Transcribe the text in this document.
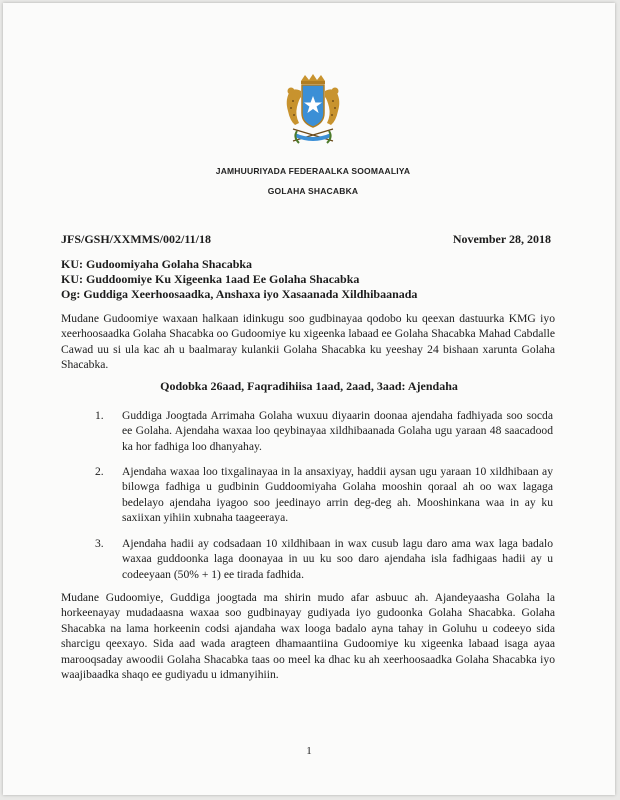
JAMHUURIYADA FEDERAALKA SOOMAALIYA
GOLAHA SHACABKA
JFS/GSH/XXMMS/002/11/18	November 28, 2018
KU: Gudoomiyaha Golaha Shacabka
KU: Guddoomiye Ku Xigeenka 1aad Ee Golaha Shacabka
Og: Guddiga Xeerhoosaadka, Anshaxa iyo Xasaanada Xildhibaanada

Mudane Gudoomiye waxaan halkaan idinkugu soo gudbinayaa qodobo ku qeexan dastuurka KMG iyo xeerhoosaadka Golaha Shacabka oo Gudoomiye ku xigeenka labaad ee Golaha Shacabka Mahad Cabdalle Cawad uu si ula kac ah u baalmaray kulankii Golaha Shacabka ku yeeshay 24 bishaan xarunta Golaha Shacabka.

Qodobka 26aad, Faqradihiisa 1aad, 2aad, 3aad: Ajendaha
1. Guddiga Joogtada Arrimaha Golaha wuxuu diyaarin doonaa ajendaha fadhiyada soo socda ee Golaha. Ajendaha waxaa loo qeybinayaa xildhibaanada Golaha ugu yaraan 48 saacadood ka hor fadhiga loo dhanyahay.

2. Ajendaha waxaa loo tixgalinayaa in la ansaxiyay, haddii aysan ugu yaraan 10 xildhibaan ay bilowga fadhiga u gudbinin Guddoomiyaha Golaha mooshin qoraal ah oo wax lagaga bedelayo ajendaha iyagoo soo jeedinayo arrin deg-deg ah. Mooshinkana waa in ay ku saxiixan yihiin xubnaha taageeraya.

3. Ajendaha hadii ay codsadaan 10 xildhibaan in wax cusub lagu daro ama wax laga badalo waxaa guddoonka laga doonayaa in uu ku soo daro ajendaha isla fadhigaas hadii ay u codeeyaan (50% + 1) ee tirada fadhida.

Mudane Gudoomiye, Guddiga joogtada ma shirin mudo afar asbuuc ah. Ajandeyaasha Golaha la horkeenayay mudadaasna waxaa soo gudbinayay gudiyada iyo gudoonka Golaha Shacabka. Golaha Shacabka na lama horkeenin codsi ajandaha wax looga badalo ayna tahay in Goluhu u codeeyo sida sharcigu qeexayo. Sida aad wada aragteen dhamaantiina Gudoomiye ku xigeenka labaad isaga ayaa marooqsaday awoodii Golaha Shacabka taas oo meel ka dhac ku ah xeerhoosaadka Golaha Shacabka iyo waajibaadka shaqo ee gudiyadu u idmanyihiin.

1
